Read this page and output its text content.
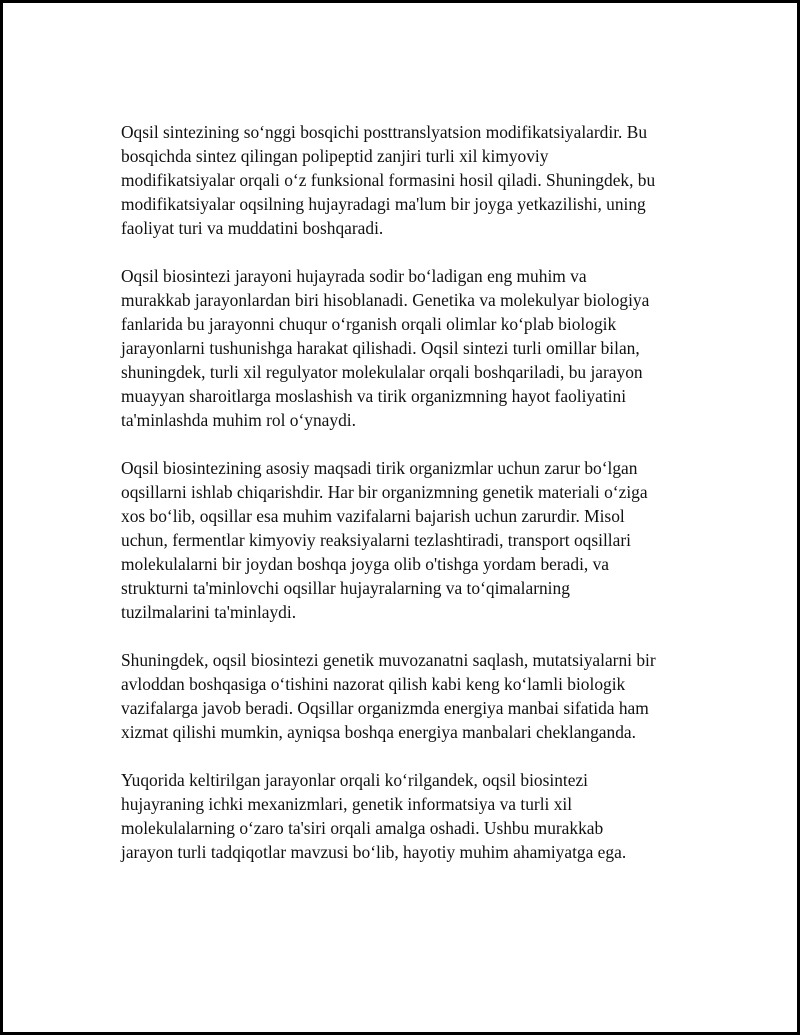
Oqsil sintezining so‘nggi bosqichi posttranslyatsion modifikatsiyalardir. Bu
bosqichda sintez qilingan polipeptid zanjiri turli xil kimyoviy
modifikatsiyalar orqali o‘z funksional formasini hosil qiladi. Shuningdek, bu
modifikatsiyalar oqsilning hujayradagi ma'lum bir joyga yetkazilishi, uning
faoliyat turi va muddatini boshqaradi.

Oqsil biosintezi jarayoni hujayrada sodir bo‘ladigan eng muhim va
murakkab jarayonlardan biri hisoblanadi. Genetika va molekulyar biologiya
fanlarida bu jarayonni chuqur o‘rganish orqali olimlar ko‘plab biologik
jarayonlarni tushunishga harakat qilishadi. Oqsil sintezi turli omillar bilan,
shuningdek, turli xil regulyator molekulalar orqali boshqariladi, bu jarayon
muayyan sharoitlarga moslashish va tirik organizmning hayot faoliyatini
ta'minlashda muhim rol o‘ynaydi.

Oqsil biosintezining asosiy maqsadi tirik organizmlar uchun zarur bo‘lgan
oqsillarni ishlab chiqarishdir. Har bir organizmning genetik materiali o‘ziga
xos bo‘lib, oqsillar esa muhim vazifalarni bajarish uchun zarurdir. Misol
uchun, fermentlar kimyoviy reaksiyalarni tezlashtiradi, transport oqsillari
molekulalarni bir joydan boshqa joyga olib o'tishga yordam beradi, va
strukturni ta'minlovchi oqsillar hujayralarning va to‘qimalarning
tuzilmalarini ta'minlaydi.

Shuningdek, oqsil biosintezi genetik muvozanatni saqlash, mutatsiyalarni bir
avloddan boshqasiga o‘tishini nazorat qilish kabi keng ko‘lamli biologik
vazifalarga javob beradi. Oqsillar organizmda energiya manbai sifatida ham
xizmat qilishi mumkin, ayniqsa boshqa energiya manbalari cheklanganda.

Yuqorida keltirilgan jarayonlar orqali ko‘rilgandek, oqsil biosintezi
hujayraning ichki mexanizmlari, genetik informatsiya va turli xil
molekulalarning o‘zaro ta'siri orqali amalga oshadi. Ushbu murakkab
jarayon turli tadqiqotlar mavzusi bo‘lib, hayotiy muhim ahamiyatga ega.
